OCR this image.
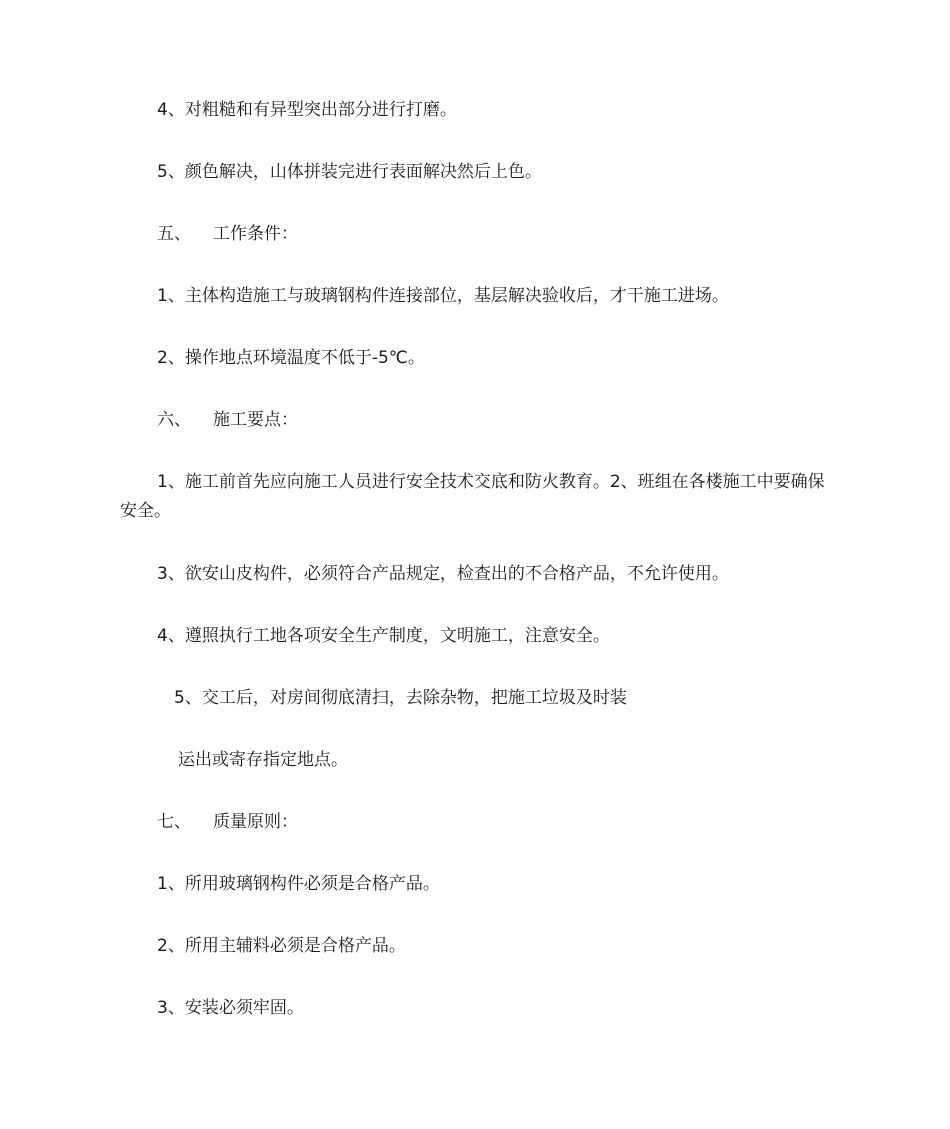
4、对粗糙和有异型突出部分进行打磨。
5、颜色解决，山体拼装完进行表面解决然后上色。
五、 工作条件：
1、主体构造施工与玻璃钢构件连接部位，基层解决验收后，才干施工进场。
2、操作地点环境温度不低于-5℃。
六、 施工要点：
1、施工前首先应向施工人员进行安全技术交底和防火教育。2、班组在各楼施工中要确保安全。
3、欲安山皮构件，必须符合产品规定，检查出的不合格产品，不允许使用。
4、遵照执行工地各项安全生产制度，文明施工，注意安全。
5、交工后，对房间彻底清扫，去除杂物，把施工垃圾及时装
运出或寄存指定地点。
七、 质量原则：
1、所用玻璃钢构件必须是合格产品。
2、所用主辅料必须是合格产品。
3、安装必须牢固。
